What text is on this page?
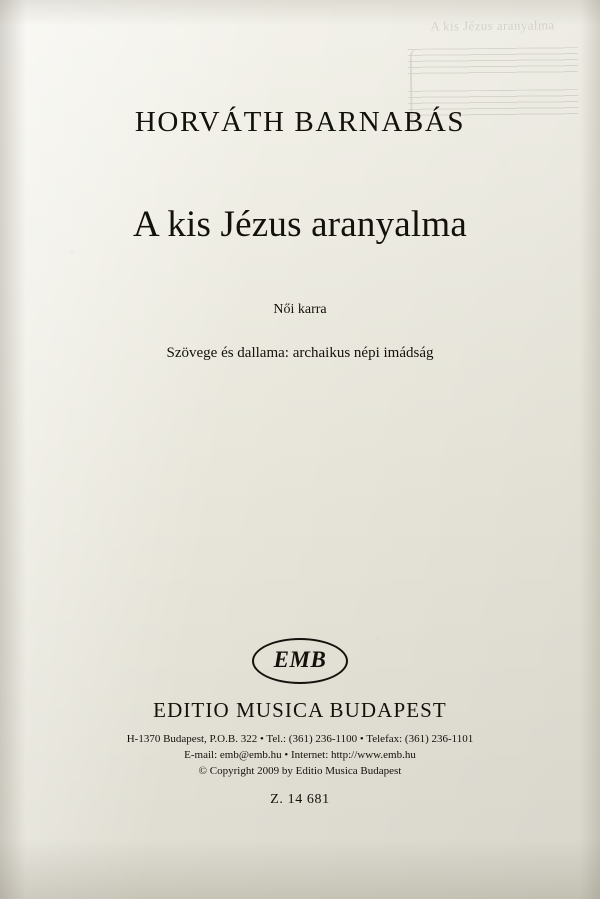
A kis Jézus aranyalma
HORVÁTH BARNABÁS
A kis Jézus aranyalma
Női karra
Szövege és dallama: archaikus népi imádság
EMB
EDITIO MUSICA BUDAPEST
H-1370 Budapest, P.O.B. 322 • Tel.: (361) 236-1100 • Telefax: (361) 236-1101
E-mail: emb@emb.hu • Internet: http://www.emb.hu
© Copyright 2009 by Editio Musica Budapest
Z. 14 681
